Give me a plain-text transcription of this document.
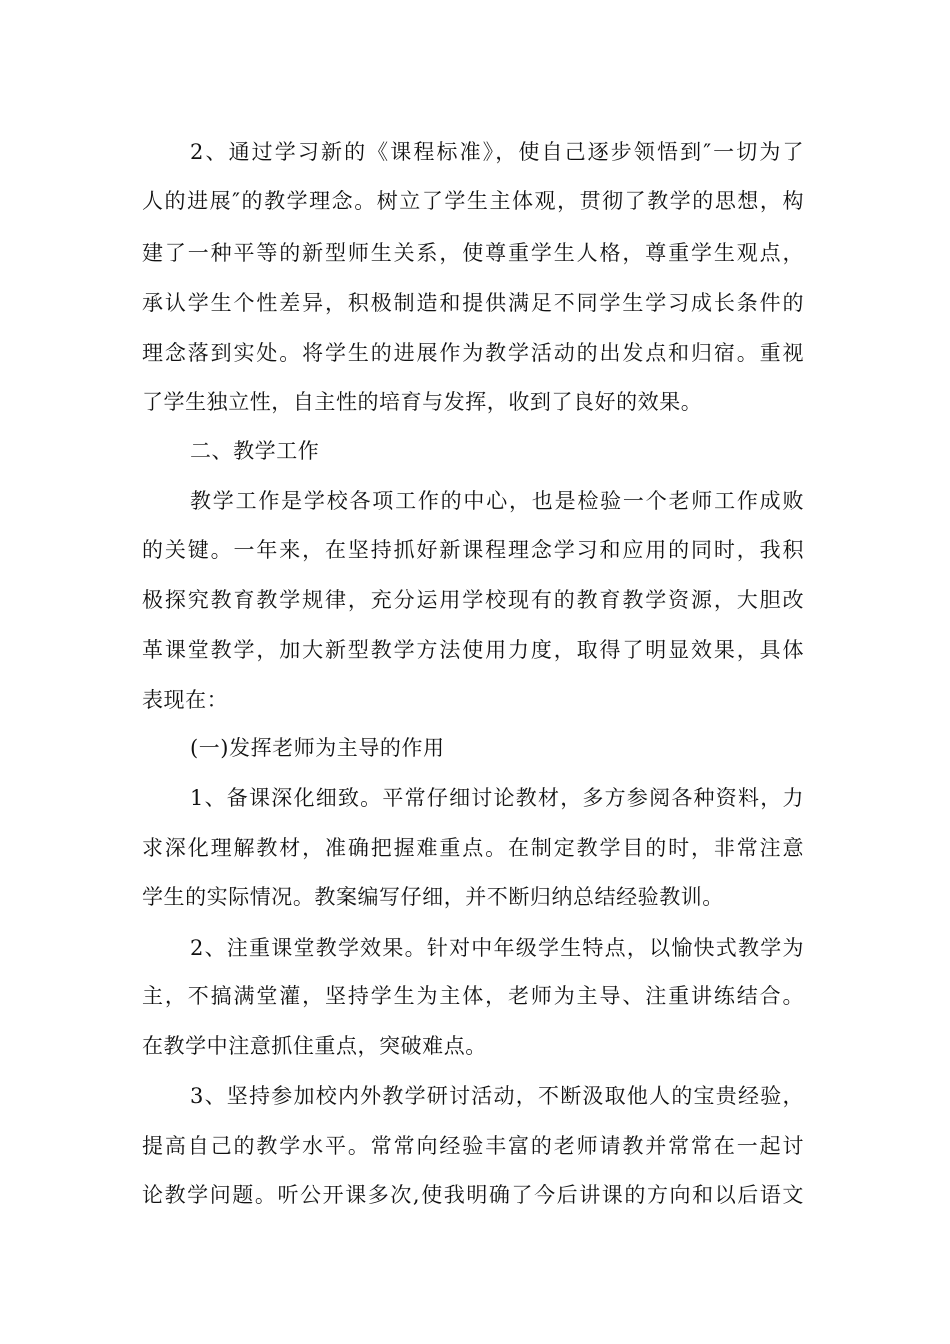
2、通过学习新的《课程标准》，使自己逐步领悟到″一切为了
人的进展″的教学理念。树立了学生主体观，贯彻了教学的思想，构
建了一种平等的新型师生关系，使尊重学生人格，尊重学生观点，
承认学生个性差异，积极制造和提供满足不同学生学习成长条件的
理念落到实处。将学生的进展作为教学活动的出发点和归宿。重视
了学生独立性，自主性的培育与发挥，收到了良好的效果。
二、教学工作
教学工作是学校各项工作的中心，也是检验一个老师工作成败
的关键。一年来，在坚持抓好新课程理念学习和应用的同时，我积
极探究教育教学规律，充分运用学校现有的教育教学资源，大胆改
革课堂教学，加大新型教学方法使用力度，取得了明显效果，具体
表现在：
(一)发挥老师为主导的作用
1、备课深化细致。平常仔细讨论教材，多方参阅各种资料，力
求深化理解教材，准确把握难重点。在制定教学目的时，非常注意
学生的实际情况。教案编写仔细，并不断归纳总结经验教训。
2、注重课堂教学效果。针对中年级学生特点，以愉快式教学为
主，不搞满堂灌，坚持学生为主体，老师为主导、注重讲练结合。
在教学中注意抓住重点，突破难点。
3、坚持参加校内外教学研讨活动，不断汲取他人的宝贵经验，
提高自己的教学水平。常常向经验丰富的老师请教并常常在一起讨
论教学问题。听公开课多次,使我明确了今后讲课的方向和以后语文
